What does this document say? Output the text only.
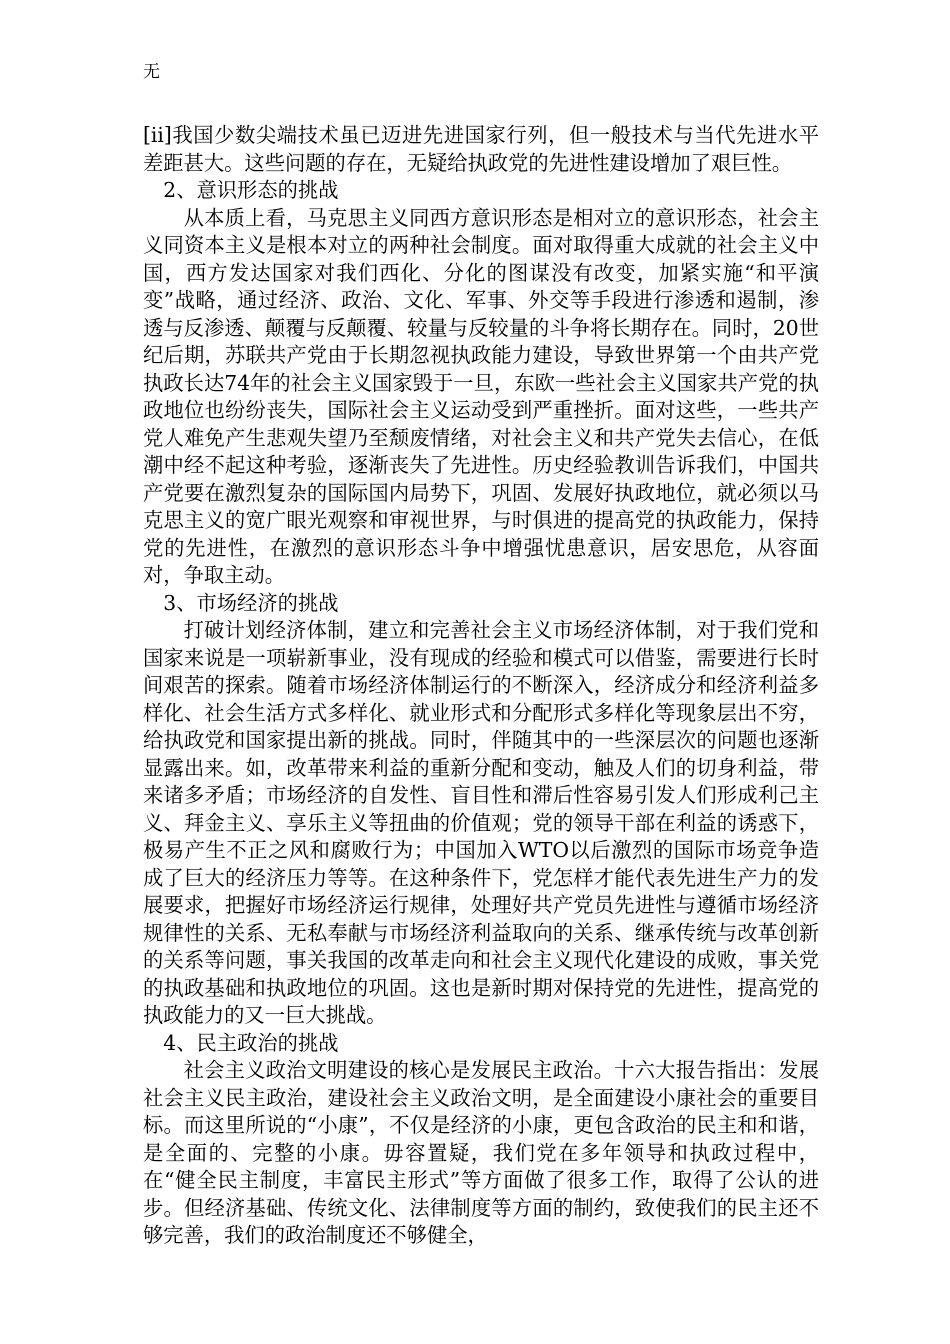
无

[ii]我国少数尖端技术虽已迈进先进国家行列，但一般技术与当代先进水平差距甚大。这些问题的存在，无疑给执政党的先进性建设增加了艰巨性。

2、意识形态的挑战

从本质上看，马克思主义同西方意识形态是相对立的意识形态，社会主义同资本主义是根本对立的两种社会制度。面对取得重大成就的社会主义中国，西方发达国家对我们西化、分化的图谋没有改变，加紧实施“和平演变”战略，通过经济、政治、文化、军事、外交等手段进行渗透和遏制，渗透与反渗透、颠覆与反颠覆、较量与反较量的斗争将长期存在。同时，20世纪后期，苏联共产党由于长期忽视执政能力建设，导致世界第一个由共产党执政长达74年的社会主义国家毁于一旦，东欧一些社会主义国家共产党的执政地位也纷纷丧失，国际社会主义运动受到严重挫折。面对这些，一些共产党人难免产生悲观失望乃至颓废情绪，对社会主义和共产党失去信心，在低潮中经不起这种考验，逐渐丧失了先进性。历史经验教训告诉我们，中国共产党要在激烈复杂的国际国内局势下，巩固、发展好执政地位，就必须以马克思主义的宽广眼光观察和审视世界，与时俱进的提高党的执政能力，保持党的先进性，在激烈的意识形态斗争中增强忧患意识，居安思危，从容面对，争取主动。

3、市场经济的挑战

打破计划经济体制，建立和完善社会主义市场经济体制，对于我们党和国家来说是一项崭新事业，没有现成的经验和模式可以借鉴，需要进行长时间艰苦的探索。随着市场经济体制运行的不断深入，经济成分和经济利益多样化、社会生活方式多样化、就业形式和分配形式多样化等现象层出不穷，给执政党和国家提出新的挑战。同时，伴随其中的一些深层次的问题也逐渐显露出来。如，改革带来利益的重新分配和变动，触及人们的切身利益，带来诸多矛盾；市场经济的自发性、盲目性和滞后性容易引发人们形成利己主义、拜金主义、享乐主义等扭曲的价值观；党的领导干部在利益的诱惑下，极易产生不正之风和腐败行为；中国加入WTO以后激烈的国际市场竞争造成了巨大的经济压力等等。在这种条件下，党怎样才能代表先进生产力的发展要求，把握好市场经济运行规律，处理好共产党员先进性与遵循市场经济规律性的关系、无私奉献与市场经济利益取向的关系、继承传统与改革创新的关系等问题，事关我国的改革走向和社会主义现代化建设的成败，事关党的执政基础和执政地位的巩固。这也是新时期对保持党的先进性，提高党的执政能力的又一巨大挑战。

4、民主政治的挑战

社会主义政治文明建设的核心是发展民主政治。十六大报告指出：发展社会主义民主政治，建设社会主义政治文明，是全面建设小康社会的重要目标。而这里所说的“小康”，不仅是经济的小康，更包含政治的民主和和谐，是全面的、完整的小康。毋容置疑，我们党在多年领导和执政过程中，在“健全民主制度，丰富民主形式”等方面做了很多工作，取得了公认的进步。但经济基础、传统文化、法律制度等方面的制约，致使我们的民主还不够完善，我们的政治制度还不够健全，
